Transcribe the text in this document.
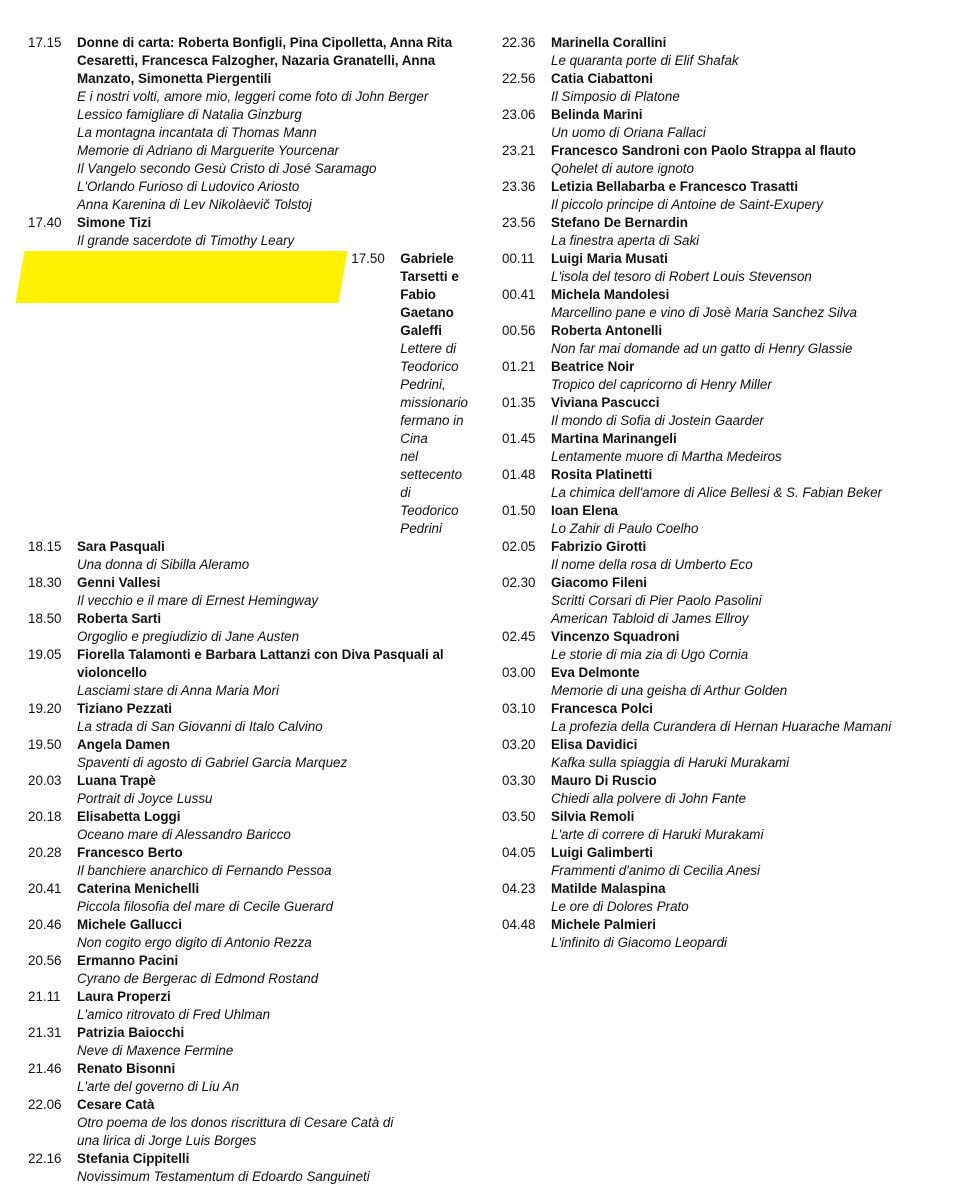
17.15	Donne di carta: Roberta Bonfigli, Pina Cipolletta, Anna Rita Cesaretti, Francesca Falzogher, Nazaria Granatelli, Anna Manzato, Simonetta Piergentili
E i nostri volti, amore mio, leggeri come foto di John Berger
Lessico famigliare di Natalia Ginzburg
La montagna incantata di Thomas Mann
Memorie di Adriano di Marguerite Yourcenar
Il Vangelo secondo Gesù Cristo di José Saramago
L'Orlando Furioso di Ludovico Ariosto
Anna Karenina di Lev Nikolàevič Tolstoj
17.40	Simone Tizi
Il grande sacerdote di Timothy Leary
17.50	Gabriele Tarsetti e Fabio Gaetano Galeffi
Lettere di Teodorico Pedrini, missionario fermano in Cina
nel settecento di Teodorico Pedrini
18.15	Sara Pasquali
Una donna di Sibilla Aleramo
18.30	Genni Vallesi
Il vecchio e il mare di Ernest Hemingway
18.50	Roberta Sarti
Orgoglio e pregiudizio di Jane Austen
19.05	Fiorella Talamonti e Barbara Lattanzi con Diva Pasquali al violoncello
Lasciami stare di Anna Maria Mori
19.20	Tiziano Pezzati
La strada di San Giovanni di Italo Calvino
19.50	Angela Damen
Spaventi di agosto di Gabriel Garcia Marquez
20.03	Luana Trapè
Portrait di Joyce Lussu
20.18	Elisabetta Loggi
Oceano mare di Alessandro Baricco
20.28	Francesco Berto
Il banchiere anarchico di Fernando Pessoa
20.41	Caterina Menichelli
Piccola filosofia del mare di Cecile Guerard
20.46	Michele Gallucci
Non cogito ergo digito di Antonio Rezza
20.56	Ermanno Pacini
Cyrano de Bergerac di Edmond Rostand
21.11	Laura Properzi
L'amico ritrovato di Fred Uhlman
21.31	Patrizia Baiocchi
Neve di Maxence Fermine
21.46	Renato Bisonni
L'arte del governo di Liu An
22.06	Cesare Catà
Otro poema de los donos riscrittura di Cesare Catà di
una lirica di Jorge Luis Borges
22.16	Stefania Cippitelli
Novissimum Testamentum di Edoardo Sanguineti
22.36	Marinella Corallini
Le quaranta porte di Elif Shafak
22.56	Catia Ciabattoni
Il Simposio di Platone
23.06	Belinda Marini
Un uomo di Oriana Fallaci
23.21	Francesco Sandroni con Paolo Strappa al flauto
Qohelet di autore ignoto
23.36	Letizia Bellabarba e Francesco Trasatti
Il piccolo principe di Antoine de Saint-Exupery
23.56	Stefano De Bernardin
La finestra aperta di Saki
00.11	Luigi Maria Musati
L'isola del tesoro di Robert Louis Stevenson
00.41	Michela Mandolesi
Marcellino pane e vino di Josè Maria Sanchez Silva
00.56	Roberta Antonelli
Non far mai domande ad un gatto di Henry Glassie
01.21	Beatrice Noir
Tropico del capricorno di Henry Miller
01.35	Viviana Pascucci
Il mondo di Sofia di Jostein Gaarder
01.45	Martina Marinangeli
Lentamente muore di Martha Medeiros
01.48	Rosita Platinetti
La chimica dell'amore di Alice Bellesi & S. Fabian Beker
01.50	Ioan Elena
Lo Zahir di Paulo Coelho
02.05	Fabrizio Girotti
Il nome della rosa di Umberto Eco
02.30	Giacomo Fileni
Scritti Corsari di Pier Paolo Pasolini
American Tabloid di James Ellroy
02.45	Vincenzo Squadroni
Le storie di mia zia di Ugo Cornia
03.00	Eva Delmonte
Memorie di una geisha di Arthur Golden
03.10	Francesca Polci
La profezia della Curandera di Hernan Huarache Mamani
03.20	Elisa Davidici
Kafka sulla spiaggia di Haruki Murakami
03.30	Mauro Di Ruscio
Chiedi alla polvere di John Fante
03.50	Silvia Remoli
L'arte di correre di Haruki Murakami
04.05	Luigi Galimberti
Frammenti d'animo di Cecilia Anesi
04.23	Matilde Malaspina
Le ore di Dolores Prato
04.48	Michele Palmieri
L'infinito di Giacomo Leopardi
